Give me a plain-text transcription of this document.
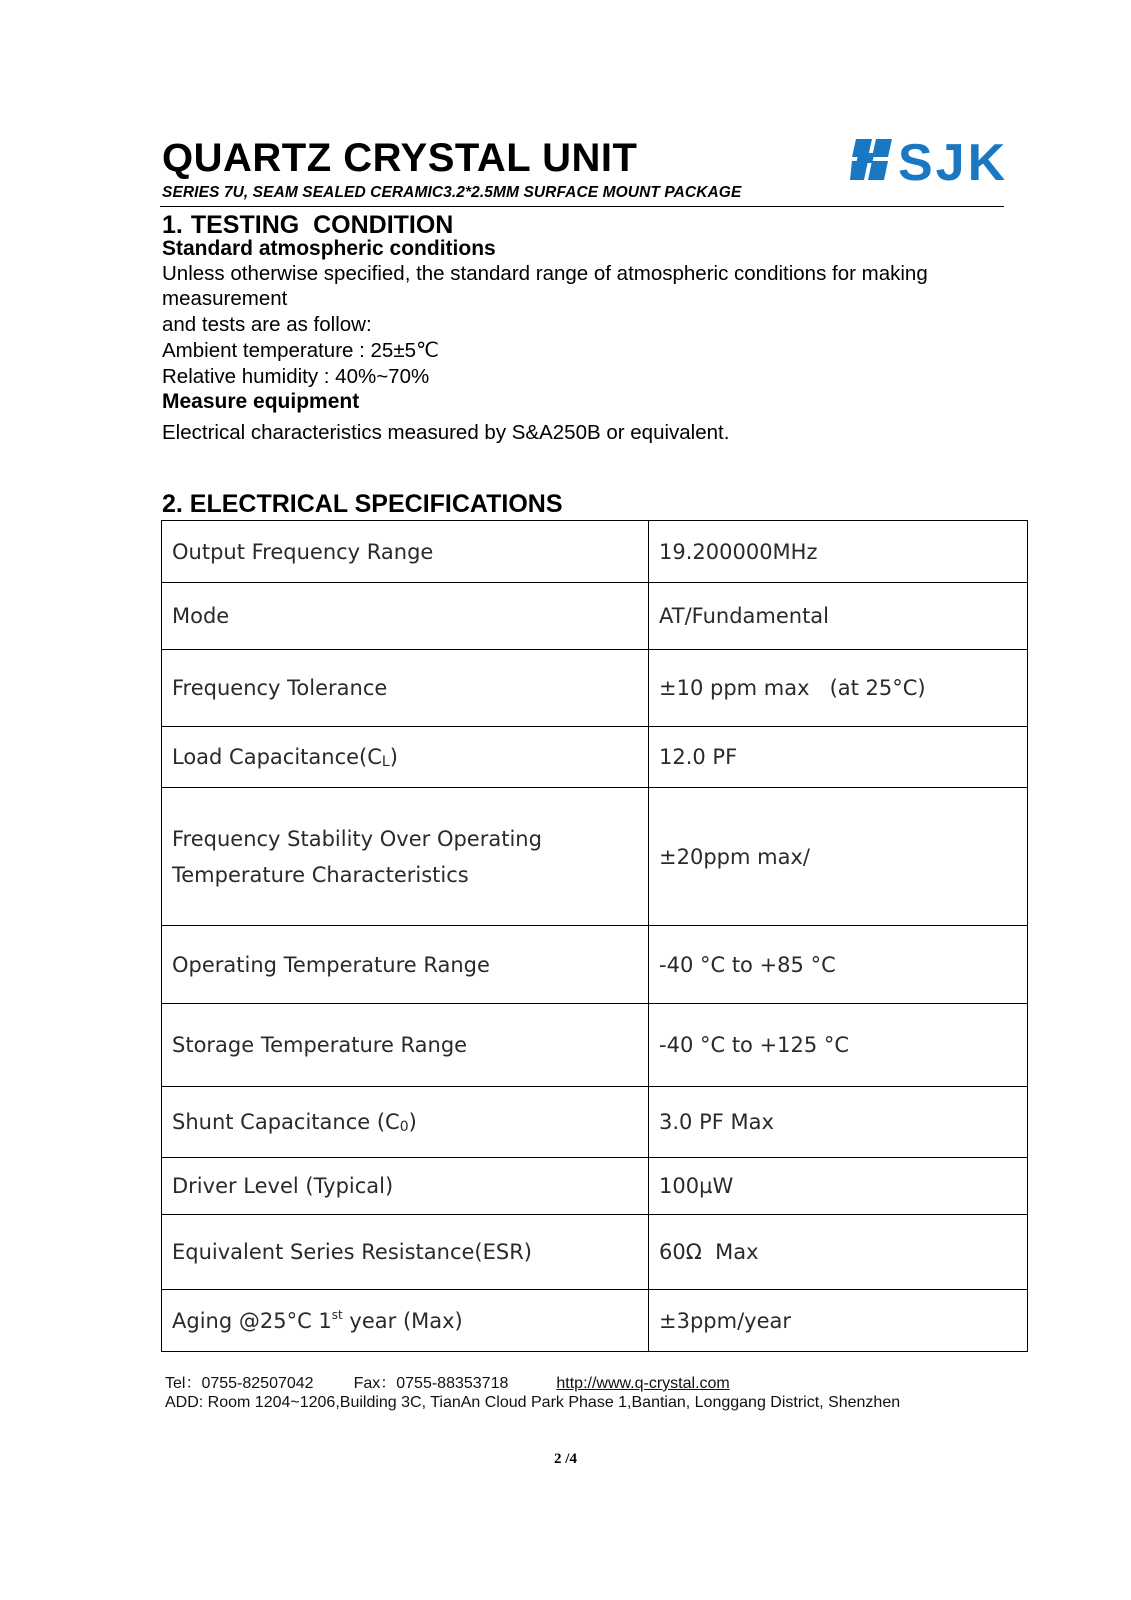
QUARTZ CRYSTAL UNIT	SJK

SERIES 7U, SEAM SEALED CERAMIC3.2*2.5MM SURFACE MOUNT PACKAGE

1. TESTING  CONDITION

Standard atmospheric conditions

Unless otherwise specified, the standard range of atmospheric conditions for making

measurement

and tests are as follow:

Ambient temperature : 25±5℃

Relative humidity : 40%~70%

Measure equipment

Electrical characteristics measured by S&A250B or equivalent.

2. ELECTRICAL SPECIFICATIONS
Output Frequency Range	19.200000MHz
Mode	AT/Fundamental
Frequency Tolerance	±10 ppm max   (at 25°C)
Load Capacitance(CL)	12.0 PF

Frequency Stability Over Operating
Temperature Characteristics	±20ppm max/
Operating Temperature Range	-40 °C to +85 °C
Storage Temperature Range	-40 °C to +125 °C
Shunt Capacitance (C0)	3.0 PF Max
Driver Level (Typical)	100µW
Equivalent Series Resistance(ESR)	60Ω  Max
Aging @25°C 1st year (Max)	±3ppm/year

Tel：0755-82507042	Fax：0755-88353718	http://www.q-crystal.com

ADD: Room 1204~1206,Building 3C, TianAn Cloud Park Phase 1,Bantian, Longgang District, Shenzhen

2 /4
